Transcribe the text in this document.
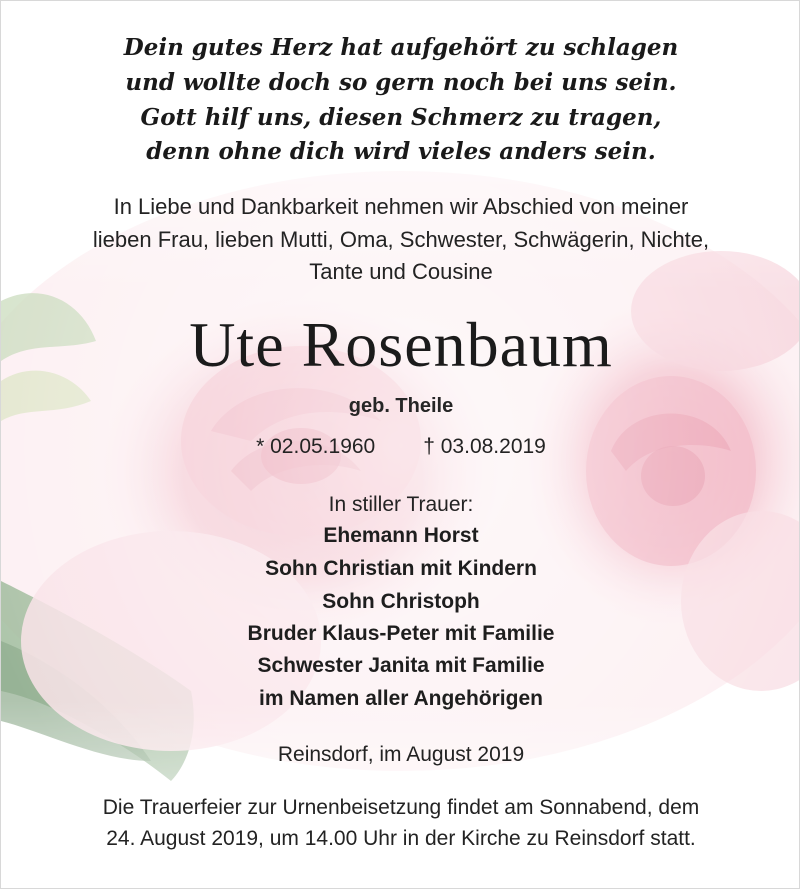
Dein gutes Herz hat aufgehört zu schlagen
und wollte doch so gern noch bei uns sein.
Gott hilf uns, diesen Schmerz zu tragen,
denn ohne dich wird vieles anders sein.
In Liebe und Dankbarkeit nehmen wir Abschied von meiner
lieben Frau, lieben Mutti, Oma, Schwester, Schwägerin, Nichte,
Tante und Cousine
Ute Rosenbaum
geb. Theile
* 02.05.1960 † 03.08.2019
In stiller Trauer:
Ehemann Horst
Sohn Christian mit Kindern
Sohn Christoph
Bruder Klaus-Peter mit Familie
Schwester Janita mit Familie
im Namen aller Angehörigen
Reinsdorf, im August 2019
Die Trauerfeier zur Urnenbeisetzung findet am Sonnabend, dem
24. August 2019, um 14.00 Uhr in der Kirche zu Reinsdorf statt.
